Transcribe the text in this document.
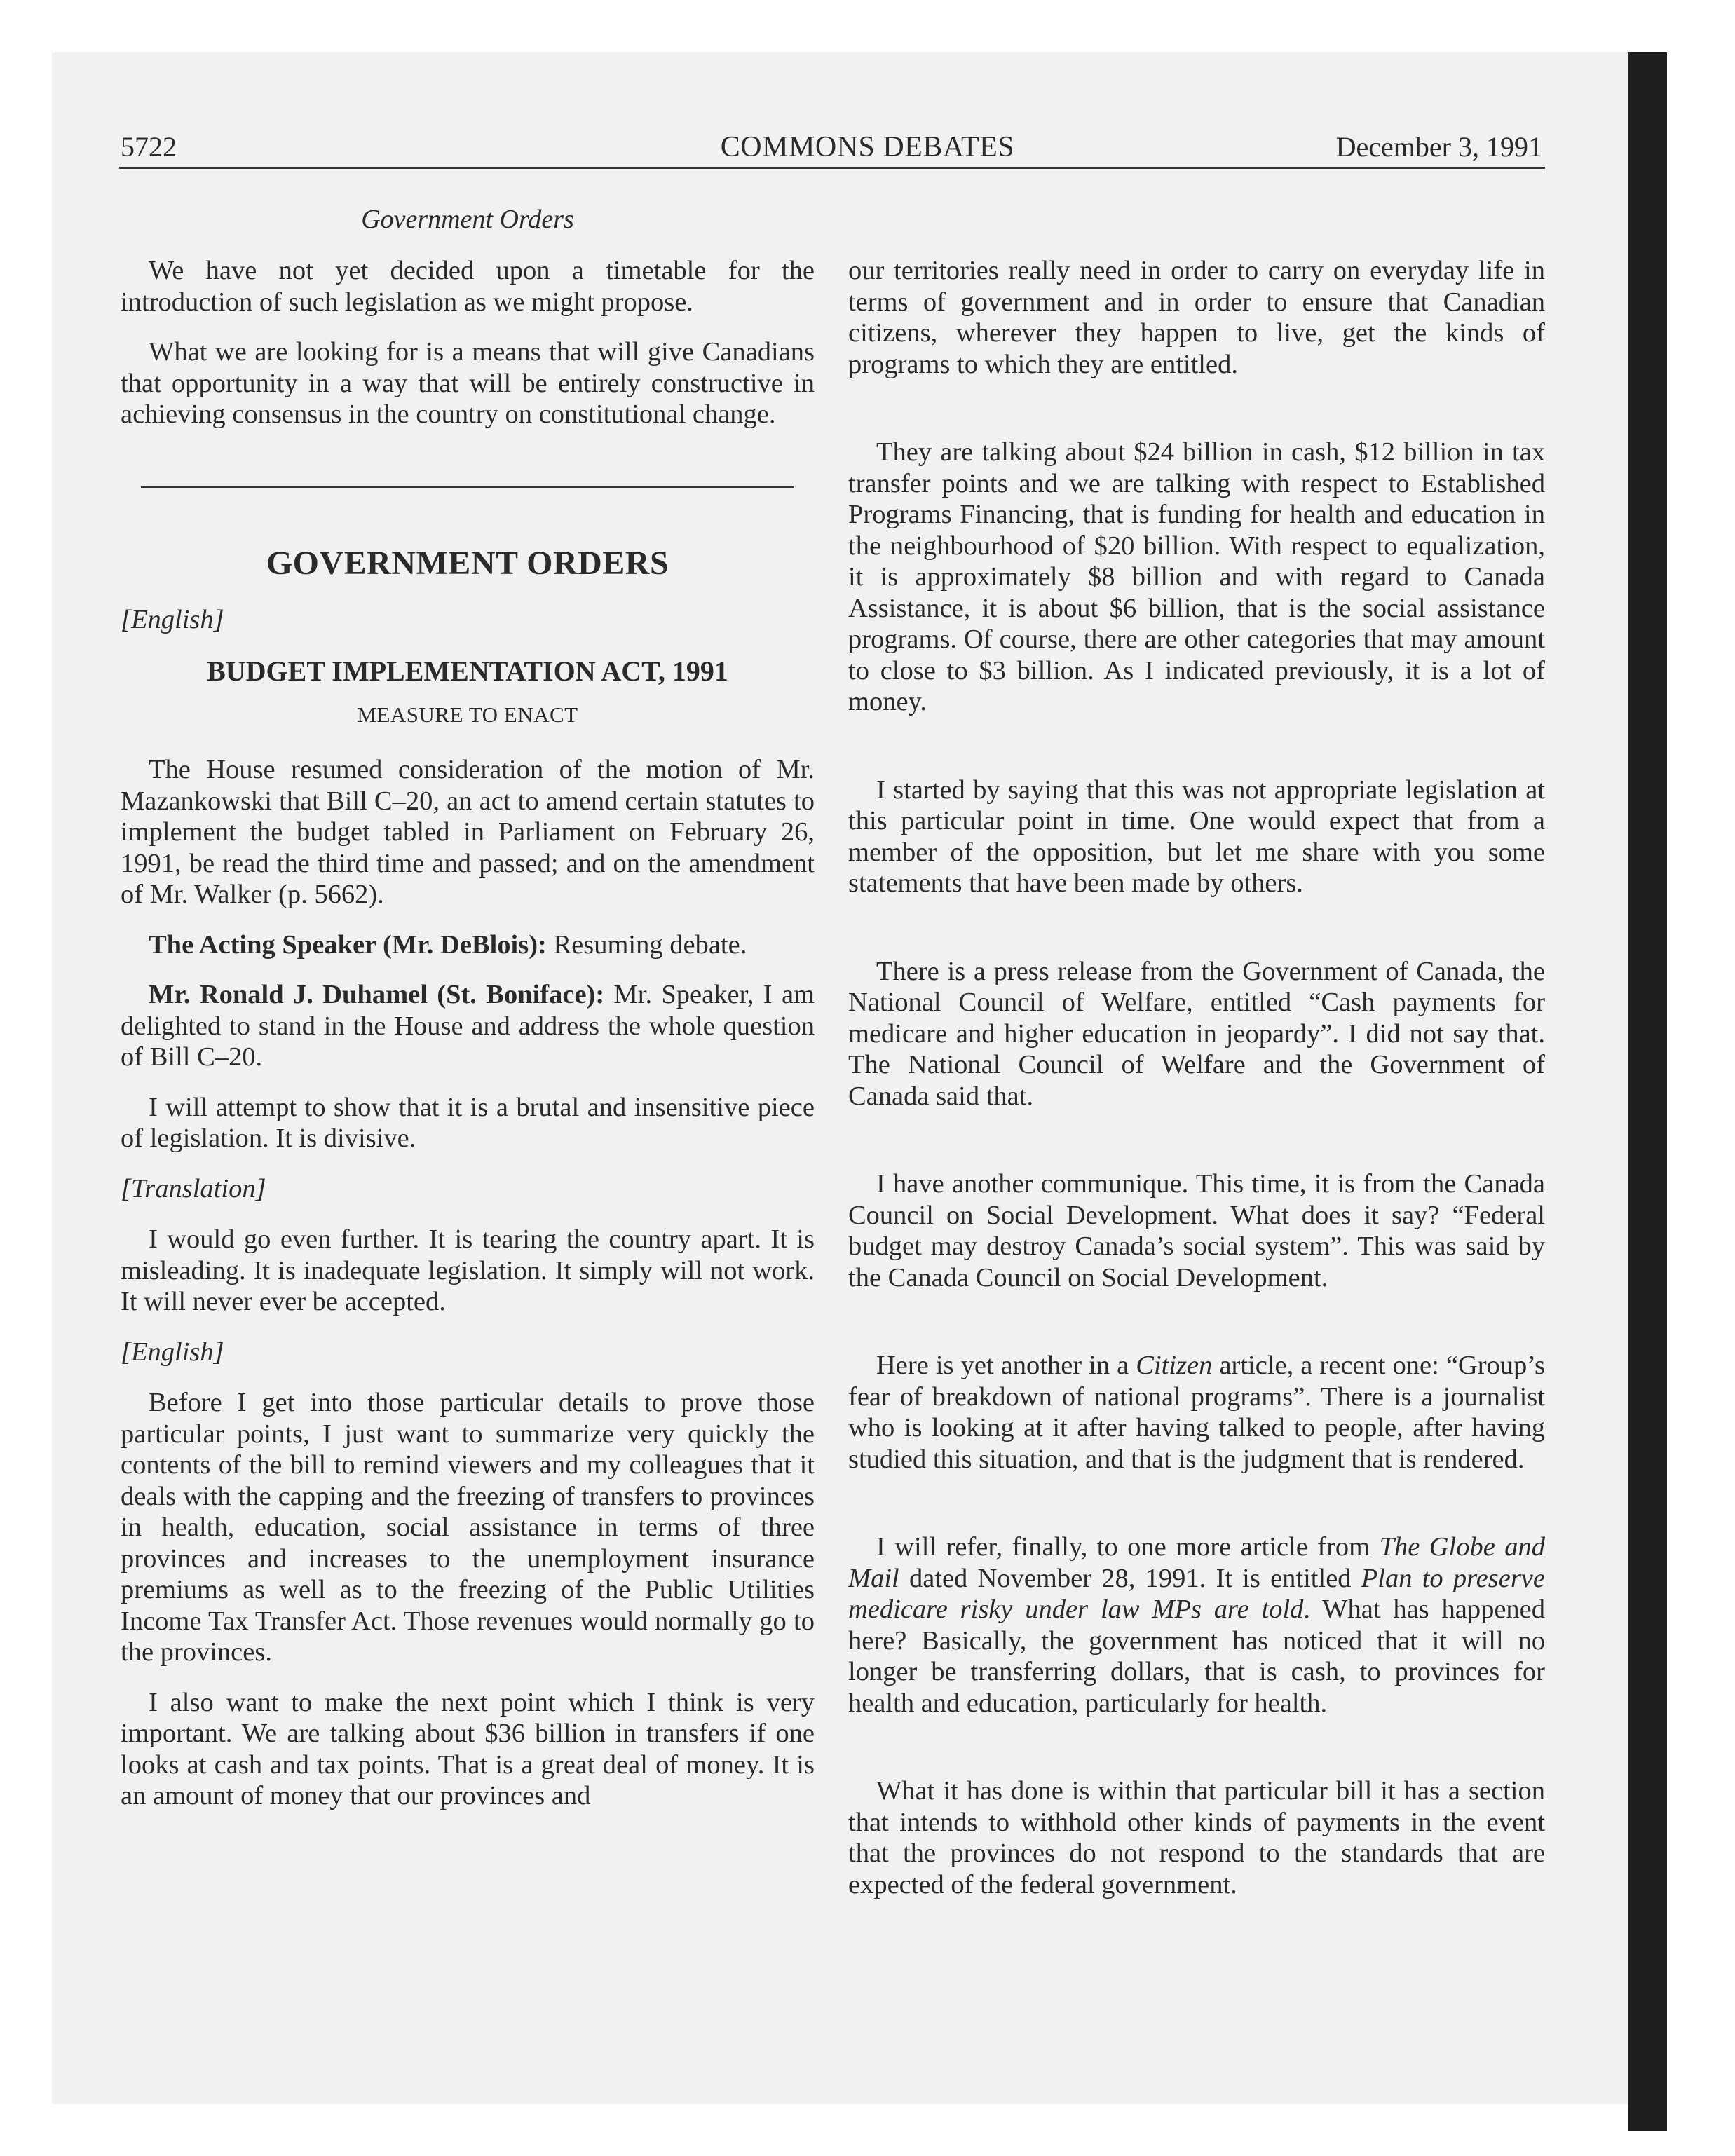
5722	COMMONS DEBATES	December 3, 1991
Government Orders

We have not yet decided upon a timetable for the introduction of such legislation as we might propose.

What we are looking for is a means that will give Canadians that opportunity in a way that will be entirely constructive in achieving consensus in the country on constitutional change.

GOVERNMENT ORDERS
[English]
BUDGET IMPLEMENTATION ACT, 1991
MEASURE TO ENACT

The House resumed consideration of the motion of Mr. Mazankowski that Bill C–20, an act to amend certain statutes to implement the budget tabled in Parliament on February 26, 1991, be read the third time and passed; and on the amendment of Mr. Walker (p. 5662).

The Acting Speaker (Mr. DeBlois): Resuming debate.

Mr. Ronald J. Duhamel (St. Boniface): Mr. Speaker, I am delighted to stand in the House and address the whole question of Bill C–20.

I will attempt to show that it is a brutal and insensitive piece of legislation. It is divisive.

[Translation]

I would go even further. It is tearing the country apart. It is misleading. It is inadequate legislation. It simply will not work. It will never ever be accepted.

[English]

Before I get into those particular details to prove those particular points, I just want to summarize very quickly the contents of the bill to remind viewers and my colleagues that it deals with the capping and the freezing of transfers to provinces in health, education, social assistance in terms of three provinces and increases to the unemployment insurance premiums as well as to the freezing of the Public Utilities Income Tax Transfer Act. Those revenues would normally go to the provinces.

I also want to make the next point which I think is very important. We are talking about $36 billion in transfers if one looks at cash and tax points. That is a great deal of money. It is an amount of money that our provinces and

our territories really need in order to carry on everyday life in terms of government and in order to ensure that Canadian citizens, wherever they happen to live, get the kinds of programs to which they are entitled.

They are talking about $24 billion in cash, $12 billion in tax transfer points and we are talking with respect to Established Programs Financing, that is funding for health and education in the neighbourhood of $20 billion. With respect to equalization, it is approximately $8 billion and with regard to Canada Assistance, it is about $6 billion, that is the social assistance programs. Of course, there are other categories that may amount to close to $3 billion. As I indicated previously, it is a lot of money.

I started by saying that this was not appropriate legislation at this particular point in time. One would expect that from a member of the opposition, but let me share with you some statements that have been made by others.

There is a press release from the Government of Canada, the National Council of Welfare, entitled “Cash payments for medicare and higher education in jeopardy”. I did not say that. The National Council of Welfare and the Government of Canada said that.

I have another communique. This time, it is from the Canada Council on Social Development. What does it say? “Federal budget may destroy Canada’s social system”. This was said by the Canada Council on Social Development.

Here is yet another in a Citizen article, a recent one: “Group’s fear of breakdown of national programs”. There is a journalist who is looking at it after having talked to people, after having studied this situation, and that is the judgment that is rendered.

I will refer, finally, to one more article from The Globe and Mail dated November 28, 1991. It is entitled Plan to preserve medicare risky under law MPs are told. What has happened here? Basically, the government has noticed that it will no longer be transferring dollars, that is cash, to provinces for health and education, particularly for health.

What it has done is within that particular bill it has a section that intends to withhold other kinds of payments in the event that the provinces do not respond to the standards that are expected of the federal government.
